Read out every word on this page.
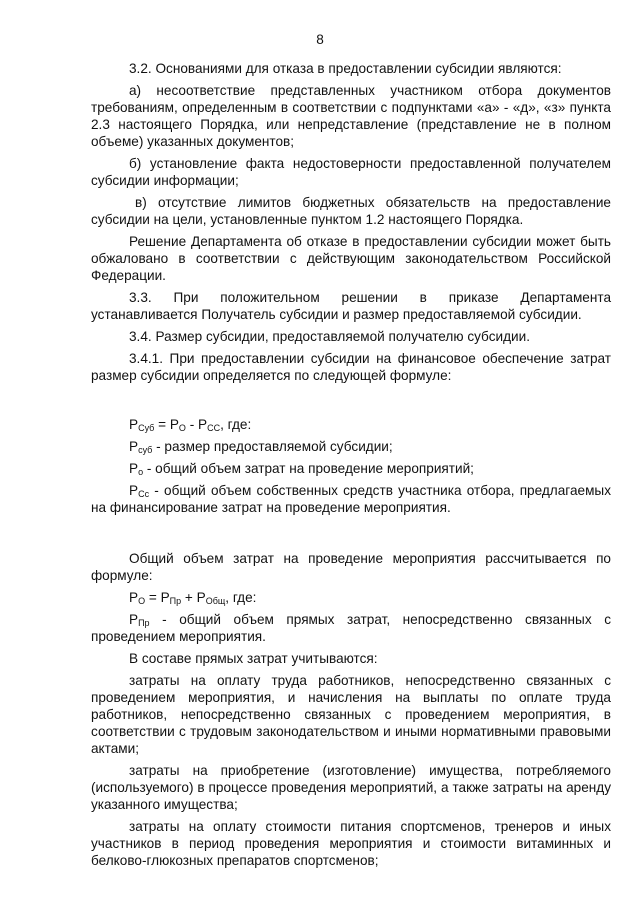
8

3.2. Основаниями для отказа в предоставлении субсидии являются:

а) несоответствие представленных участником отбора документов требованиям, определенным в соответствии с подпунктами «а» - «д», «з» пункта 2.3 настоящего Порядка, или непредставление (представление не в полном объеме) указанных документов;

б) установление факта недостоверности предоставленной получателем субсидии информации;

в) отсутствие лимитов бюджетных обязательств на предоставление субсидии на цели, установленные пунктом 1.2 настоящего Порядка.

Решение Департамента об отказе в предоставлении субсидии может быть обжаловано в соответствии с действующим законодательством Российской Федерации.

3.3. При положительном решении в приказе Департамента устанавливается Получатель субсидии и размер предоставляемой субсидии.

3.4. Размер субсидии, предоставляемой получателю субсидии.

3.4.1. При предоставлении субсидии на финансовое обеспечение затрат размер субсидии определяется по следующей формуле:

$Р_{Суб} = Р_О - Р_{СС}$, где:

$Р_{суб}$ - размер предоставляемой субсидии;

$Р_о$ - общий объем затрат на проведение мероприятий;

$Р_{Сс}$ - общий объем собственных средств участника отбора, предлагаемых на финансирование затрат на проведение мероприятия.

Общий объем затрат на проведение мероприятия рассчитывается по формуле:

$Р_О = Р_{Пр} + Р_{Общ}$, где:

$Р_{Пр}$ - общий объем прямых затрат, непосредственно связанных с проведением мероприятия.

В составе прямых затрат учитываются:

затраты на оплату труда работников, непосредственно связанных с проведением мероприятия, и начисления на выплаты по оплате труда работников, непосредственно связанных с проведением мероприятия, в соответствии с трудовым законодательством и иными нормативными правовыми актами;

затраты на приобретение (изготовление) имущества, потребляемого (используемого) в процессе проведения мероприятий, а также затраты на аренду указанного имущества;

затраты на оплату стоимости питания спортсменов, тренеров и иных участников в период проведения мероприятия и стоимости витаминных и белково-глюкозных препаратов спортсменов;
